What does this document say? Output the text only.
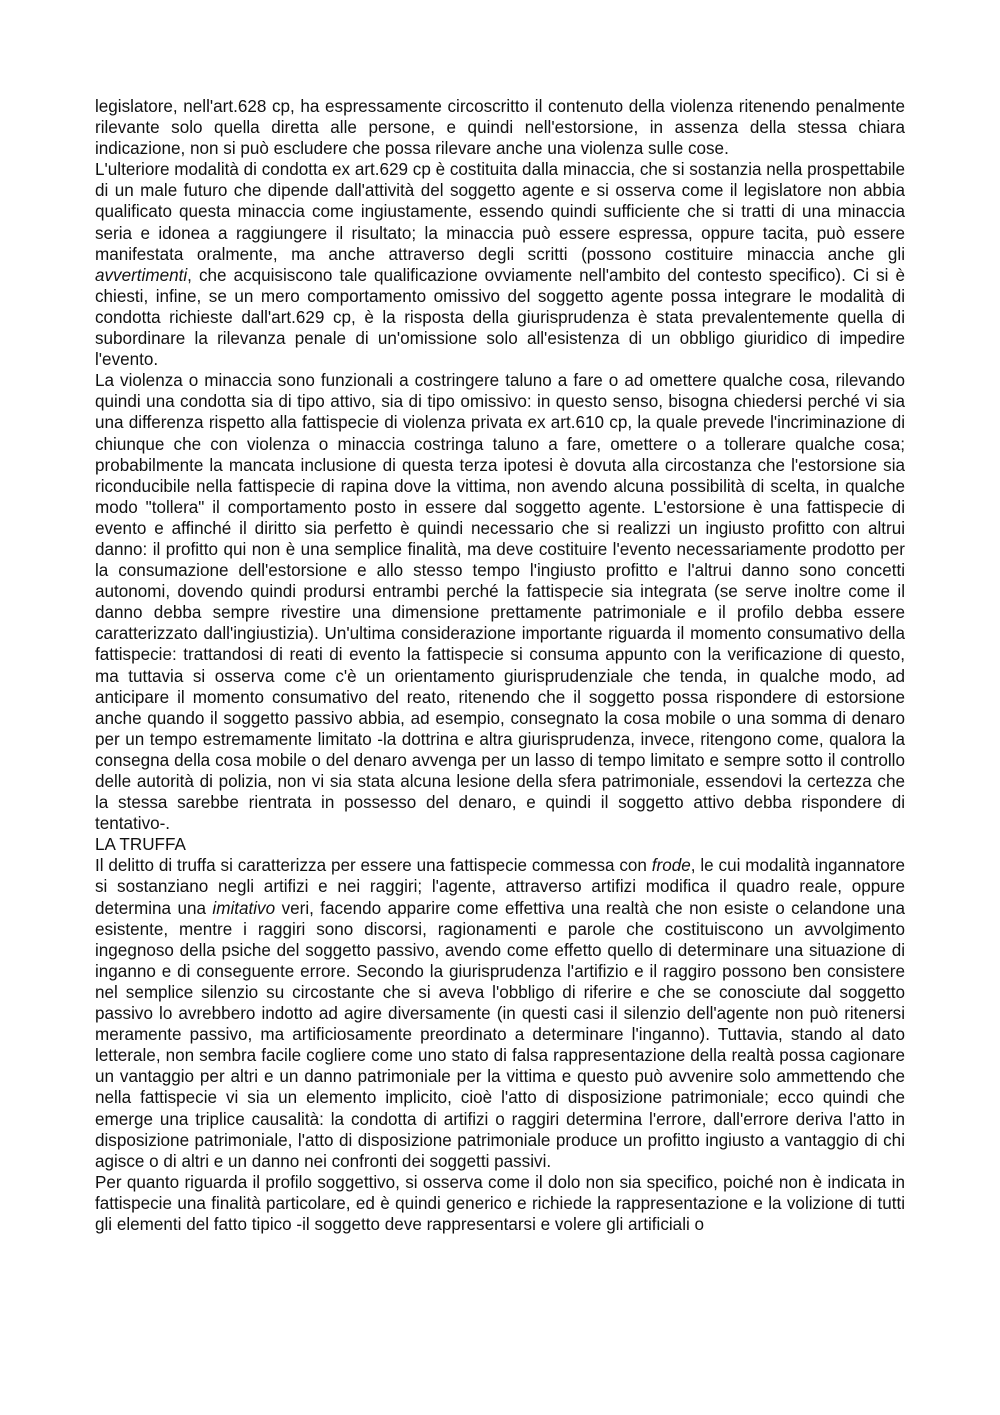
legislatore, nell'art.628 cp, ha espressamente circoscritto il contenuto della violenza ritenendo penalmente rilevante solo quella diretta alle persone, e quindi nell'estorsione, in assenza della stessa chiara indicazione, non si può escludere che possa rilevare anche una violenza sulle cose.

L'ulteriore modalità di condotta ex art.629 cp è costituita dalla minaccia, che si sostanzia nella prospettabile di un male futuro che dipende dall'attività del soggetto agente e si osserva come il legislatore non abbia qualificato questa minaccia come ingiustamente, essendo quindi sufficiente che si tratti di una minaccia seria e idonea a raggiungere il risultato; la minaccia può essere espressa, oppure tacita, può essere manifestata oralmente, ma anche attraverso degli scritti (possono costituire minaccia anche gli avvertimenti, che acquisiscono tale qualificazione ovviamente nell'ambito del contesto specifico). Ci si è chiesti, infine, se un mero comportamento omissivo del soggetto agente possa integrare le modalità di condotta richieste dall'art.629 cp, è la risposta della giurisprudenza è stata prevalentemente quella di subordinare la rilevanza penale di un'omissione solo all'esistenza di un obbligo giuridico di impedire l'evento.

La violenza o minaccia sono funzionali a costringere taluno a fare o ad omettere qualche cosa, rilevando quindi una condotta sia di tipo attivo, sia di tipo omissivo: in questo senso, bisogna chiedersi perché vi sia una differenza rispetto alla fattispecie di violenza privata ex art.610 cp, la quale prevede l'incriminazione di chiunque che con violenza o minaccia costringa taluno a fare, omettere o a tollerare qualche cosa; probabilmente la mancata inclusione di questa terza ipotesi è dovuta alla circostanza che l'estorsione sia riconducibile nella fattispecie di rapina dove la vittima, non avendo alcuna possibilità di scelta, in qualche modo "tollera" il comportamento posto in essere dal soggetto agente. L'estorsione è una fattispecie di evento e affinché il diritto sia perfetto è quindi necessario che si realizzi un ingiusto profitto con altrui danno: il profitto qui non è una semplice finalità, ma deve costituire l'evento necessariamente prodotto per la consumazione dell'estorsione e allo stesso tempo l'ingiusto profitto e l'altrui danno sono concetti autonomi, dovendo quindi prodursi entrambi perché la fattispecie sia integrata (se serve inoltre come il danno debba sempre rivestire una dimensione prettamente patrimoniale e il profilo debba essere caratterizzato dall'ingiustizia). Un'ultima considerazione importante riguarda il momento consumativo della fattispecie: trattandosi di reati di evento la fattispecie si consuma appunto con la verificazione di questo, ma tuttavia si osserva come c'è un orientamento giurisprudenziale che tenda, in qualche modo, ad anticipare il momento consumativo del reato, ritenendo che il soggetto possa rispondere di estorsione anche quando il soggetto passivo abbia, ad esempio, consegnato la cosa mobile o una somma di denaro per un tempo estremamente limitato -la dottrina e altra giurisprudenza, invece, ritengono come, qualora la consegna della cosa mobile o del denaro avvenga per un lasso di tempo limitato e sempre sotto il controllo delle autorità di polizia, non vi sia stata alcuna lesione della sfera patrimoniale, essendovi la certezza che la stessa sarebbe rientrata in possesso del denaro, e quindi il soggetto attivo debba rispondere di tentativo-.

LA TRUFFA

Il delitto di truffa si caratterizza per essere una fattispecie commessa con frode, le cui modalità ingannatore si sostanziano negli artifizi e nei raggiri; l'agente, attraverso artifizi modifica il quadro reale, oppure determina una imitativo veri, facendo apparire come effettiva una realtà che non esiste o celandone una esistente, mentre i raggiri sono discorsi, ragionamenti e parole che costituiscono un avvolgimento ingegnoso della psiche del soggetto passivo, avendo come effetto quello di determinare una situazione di inganno e di conseguente errore. Secondo la giurisprudenza l'artifizio e il raggiro possono ben consistere nel semplice silenzio su circostante che si aveva l'obbligo di riferire e che se conosciute dal soggetto passivo lo avrebbero indotto ad agire diversamente (in questi casi il silenzio dell'agente non può ritenersi meramente passivo, ma artificiosamente preordinato a determinare l'inganno). Tuttavia, stando al dato letterale, non sembra facile cogliere come uno stato di falsa rappresentazione della realtà possa cagionare un vantaggio per altri e un danno patrimoniale per la vittima e questo può avvenire solo ammettendo che nella fattispecie vi sia un elemento implicito, cioè l'atto di disposizione patrimoniale; ecco quindi che emerge una triplice causalità: la condotta di artifizi o raggiri determina l'errore, dall'errore deriva l'atto in disposizione patrimoniale, l'atto di disposizione patrimoniale produce un profitto ingiusto a vantaggio di chi agisce o di altri e un danno nei confronti dei soggetti passivi.

Per quanto riguarda il profilo soggettivo, si osserva come il dolo non sia specifico, poiché non è indicata in fattispecie una finalità particolare, ed è quindi generico e richiede la rappresentazione e la volizione di tutti gli elementi del fatto tipico -il soggetto deve rappresentarsi e volere gli artificiali o
